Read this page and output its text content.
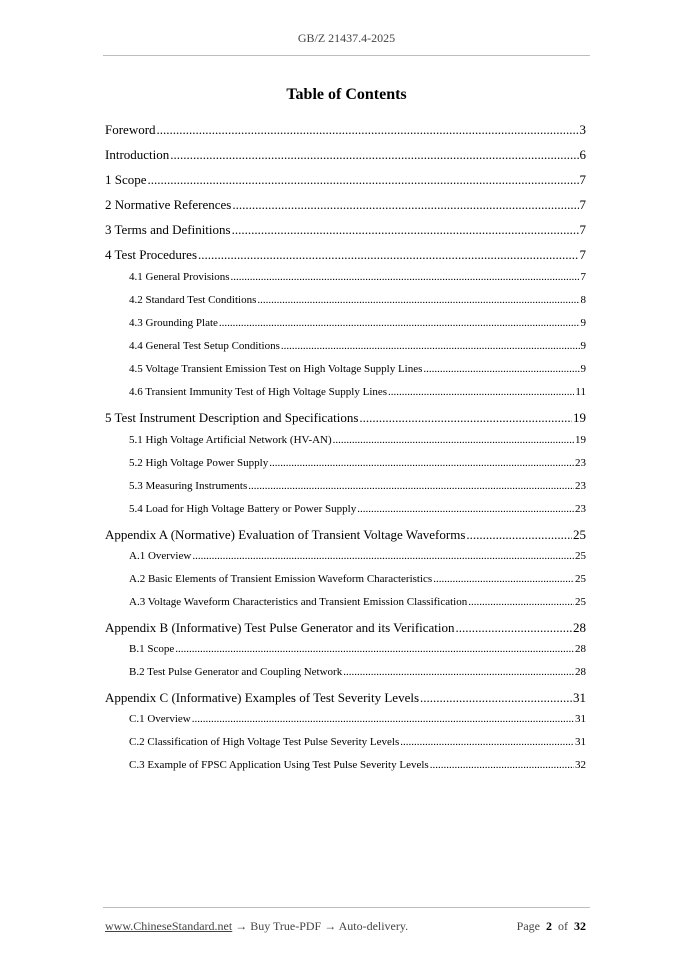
GB/Z 21437.4-2025
Table of Contents
Foreword .....	3
Introduction .....	6
1 Scope .....	7
2 Normative References .....	7
3 Terms and Definitions .....	7
4 Test Procedures .....	7
4.1 General Provisions .....	7
4.2 Standard Test Conditions .....	8
4.3 Grounding Plate .....	9
4.4 General Test Setup Conditions .....	9
4.5 Voltage Transient Emission Test on High Voltage Supply Lines .....	9
4.6 Transient Immunity Test of High Voltage Supply Lines .....	11
5 Test Instrument Description and Specifications .....	19
5.1 High Voltage Artificial Network (HV-AN) .....	19
5.2 High Voltage Power Supply .....	23
5.3 Measuring Instruments .....	23
5.4 Load for High Voltage Battery or Power Supply .....	23
Appendix A (Normative) Evaluation of Transient Voltage Waveforms .....	25
A.1 Overview .....	25
A.2 Basic Elements of Transient Emission Waveform Characteristics .....	25
A.3 Voltage Waveform Characteristics and Transient Emission Classification .....	25
Appendix B (Informative) Test Pulse Generator and its Verification .....	28
B.1 Scope .....	28
B.2 Test Pulse Generator and Coupling Network .....	28
Appendix C (Informative) Examples of Test Severity Levels .....	31
C.1 Overview .....	31
C.2 Classification of High Voltage Test Pulse Severity Levels .....	31
C.3 Example of FPSC Application Using Test Pulse Severity Levels .....	32
www.ChineseStandard.net → Buy True-PDF → Auto-delivery.	Page 2 of 32
